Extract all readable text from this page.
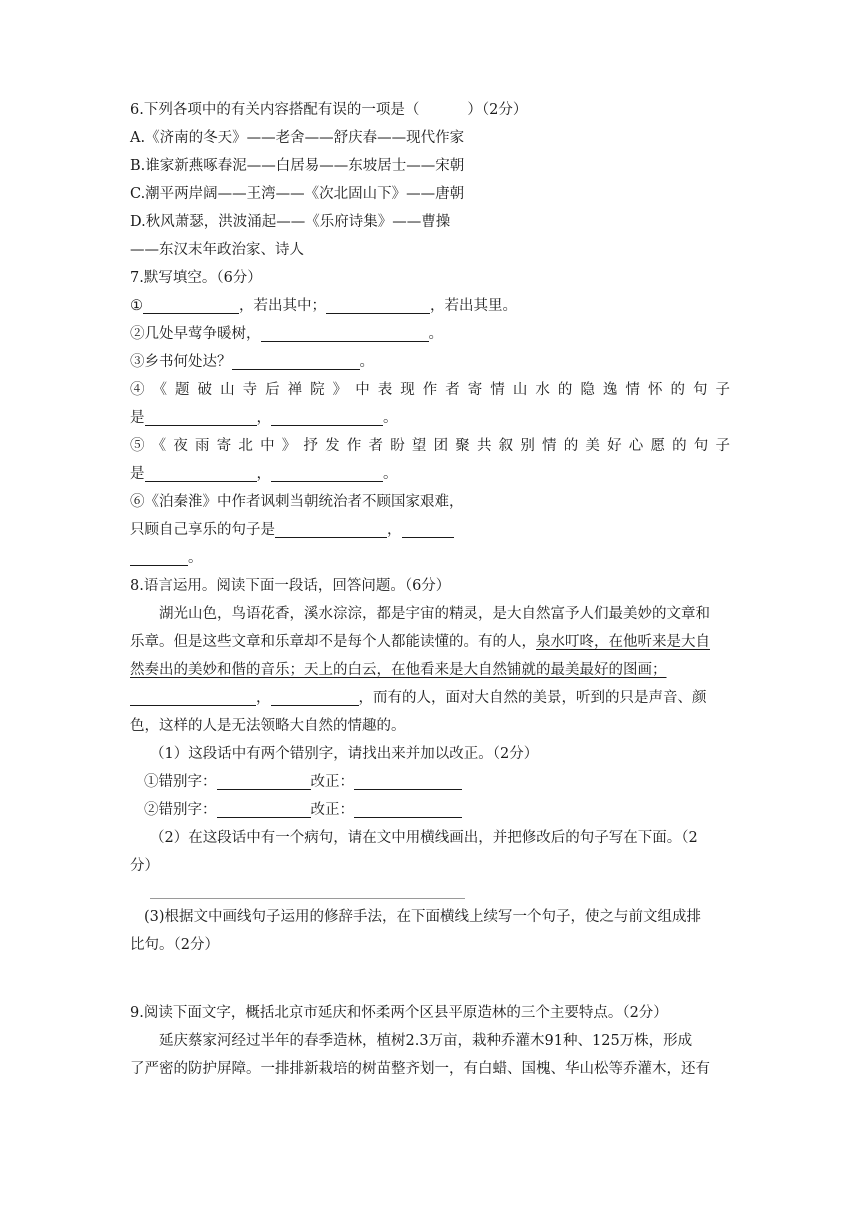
6.下列各项中的有关内容搭配有误的一项是（	）（2分）
A.《济南的冬天》——老舍——舒庆春——现代作家
B.谁家新燕啄春泥——白居易——东坡居士——宋朝
C.潮平两岸阔——王湾——《次北固山下》——唐朝
D.秋风萧瑟，洪波涌起——《乐府诗集》——曹操
——东汉末年政治家、诗人
7.默写填空。（6分）
①	，若出其中；	，若出其里。
②几处早莺争暖树，	。
③乡书何处达？	。
④《题破山寺后禅院》中表现作者寄情山水的隐逸情怀的句子
是	，	。
⑤《夜雨寄北中》抒发作者盼望团聚共叙别情的美好心愿的句子
是	，	。
⑥《泊秦淮》中作者讽刺当朝统治者不顾国家艰难，
只顾自己享乐的句子是	，
。
8.语言运用。阅读下面一段话，回答问题。（6分）
湖光山色，鸟语花香，溪水淙淙，都是宇宙的精灵，是大自然富予人们最美妙的文章和
乐章。但是这些文章和乐章却不是每个人都能读懂的。有的人，泉水叮咚，在他听来是大自
然奏出的美妙和偕的音乐；天上的白云，在他看来是大自然铺就的最美最好的图画；
，	，而有的人，面对大自然的美景，听到的只是声音、颜
色，这样的人是无法领略大自然的情趣的。
（1）这段话中有两个错别字，请找出来并加以改正。（2分）
①错别字：	改正：
②错别字：	改正：
（2）在这段话中有一个病句，请在文中用横线画出，并把修改后的句子写在下面。（2
分）
(3)根据文中画线句子运用的修辞手法，在下面横线上续写一个句子，使之与前文组成排
比句。（2分）
9.阅读下面文字，概括北京市延庆和怀柔两个区县平原造林的三个主要特点。（2分）
延庆蔡家河经过半年的春季造林，植树2.3万亩，栽种乔灌木91种、125万株，形成
了严密的防护屏障。一排排新栽培的树苗整齐划一，有白蜡、国槐、华山松等乔灌木，还有
